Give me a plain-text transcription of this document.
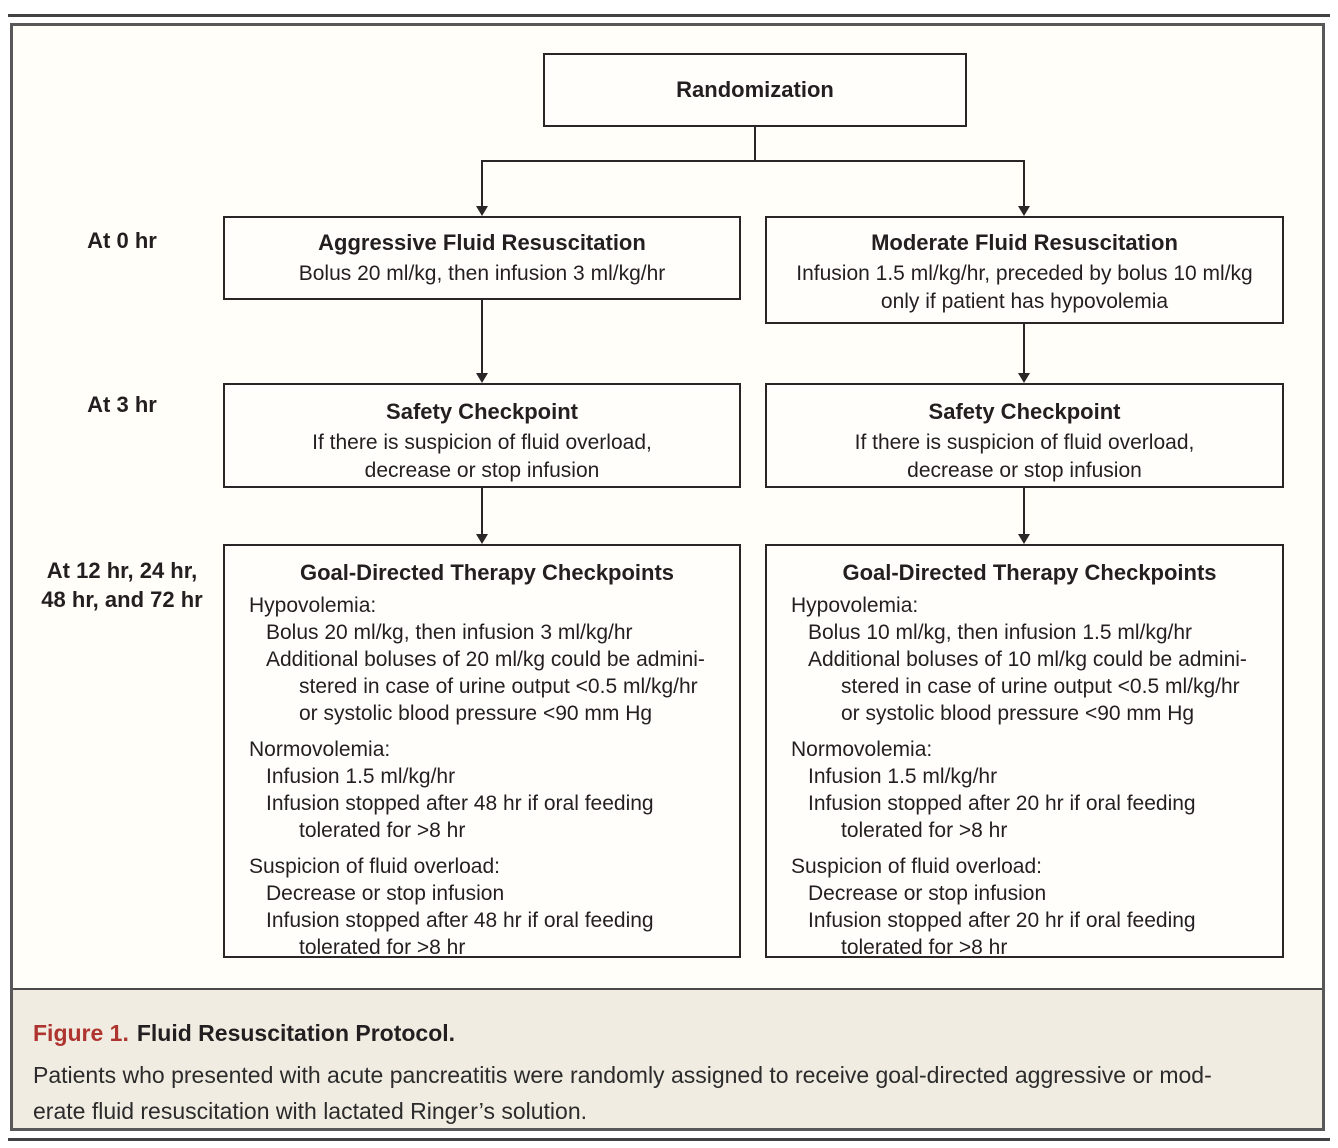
Randomization
At 0 hr
At 3 hr
At 12 hr, 24 hr,
48 hr, and 72 hr
Aggressive Fluid Resuscitation
Bolus 20 ml/kg, then infusion 3 ml/kg/hr
Moderate Fluid Resuscitation
Infusion 1.5 ml/kg/hr, preceded by bolus 10 ml/kg
only if patient has hypovolemia
Safety Checkpoint
If there is suspicion of fluid overload,
decrease or stop infusion
Safety Checkpoint
If there is suspicion of fluid overload,
decrease or stop infusion
Goal-Directed Therapy Checkpoints
Hypovolemia:
Bolus 20 ml/kg, then infusion 3 ml/kg/hr
Additional boluses of 20 ml/kg could be admini-
stered in case of urine output <0.5 ml/kg/hr
or systolic blood pressure <90 mm Hg
Normovolemia:
Infusion 1.5 ml/kg/hr
Infusion stopped after 48 hr if oral feeding
tolerated for >8 hr
Suspicion of fluid overload:
Decrease or stop infusion
Infusion stopped after 48 hr if oral feeding
tolerated for >8 hr
Goal-Directed Therapy Checkpoints
Hypovolemia:
Bolus 10 ml/kg, then infusion 1.5 ml/kg/hr
Additional boluses of 10 ml/kg could be admini-
stered in case of urine output <0.5 ml/kg/hr
or systolic blood pressure <90 mm Hg
Normovolemia:
Infusion 1.5 ml/kg/hr
Infusion stopped after 20 hr if oral feeding
tolerated for >8 hr
Suspicion of fluid overload:
Decrease or stop infusion
Infusion stopped after 20 hr if oral feeding
tolerated for >8 hr
Figure 1. Fluid Resuscitation Protocol.
Patients who presented with acute pancreatitis were randomly assigned to receive goal-directed aggressive or mod-
erate fluid resuscitation with lactated Ringer’s solution.
